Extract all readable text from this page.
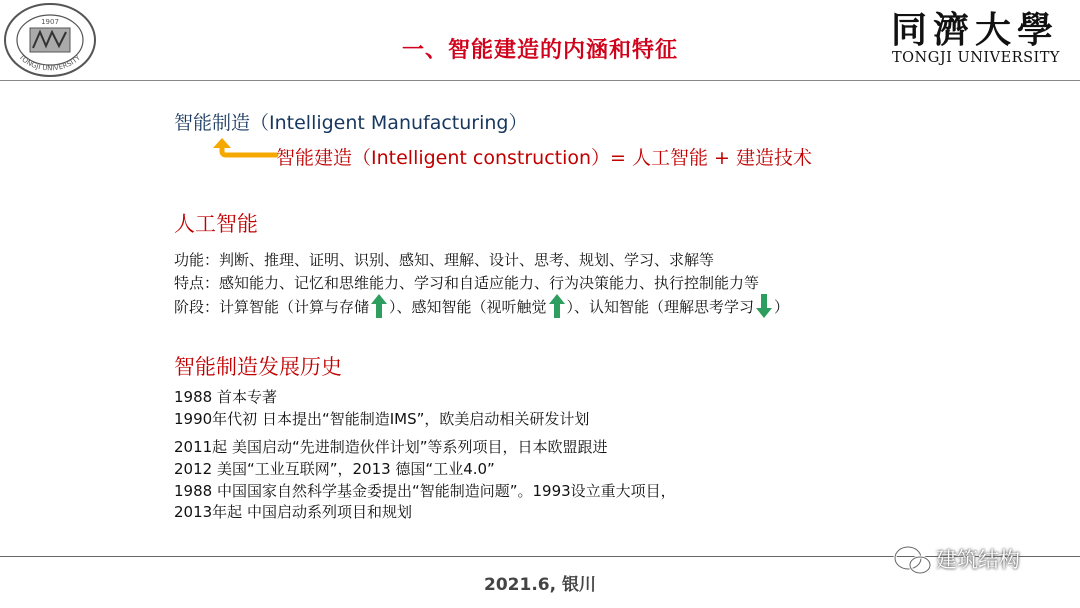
1907
TONGJI UNIVERSITY	一、智能建造的内涵和特征	同濟大學
TONGJI UNIVERSITY
智能制造（Intelligent Manufacturing）
智能建造（Intelligent construction）= 人工智能 + 建造技术
人工智能
功能：判断、推理、证明、识别、感知、理解、设计、思考、规划、学习、求解等
特点：感知能力、记忆和思维能力、学习和自适应能力、行为决策能力、执行控制能力等
阶段：计算智能（计算与存储 ）、感知智能（视听触觉 ）、认知智能（理解思考学习 ）
智能制造发展历史
1988 首本专著
1990年代初 日本提出“智能制造IMS”，欧美启动相关研发计划
2011起 美国启动“先进制造伙伴计划”等系列项目，日本欧盟跟进
2012 美国“工业互联网”，2013 德国“工业4.0”
1988 中国国家自然科学基金委提出“智能制造问题”。1993设立重大项目，
2013年起 中国启动系列项目和规划
2021.6, 银川
建筑结构
